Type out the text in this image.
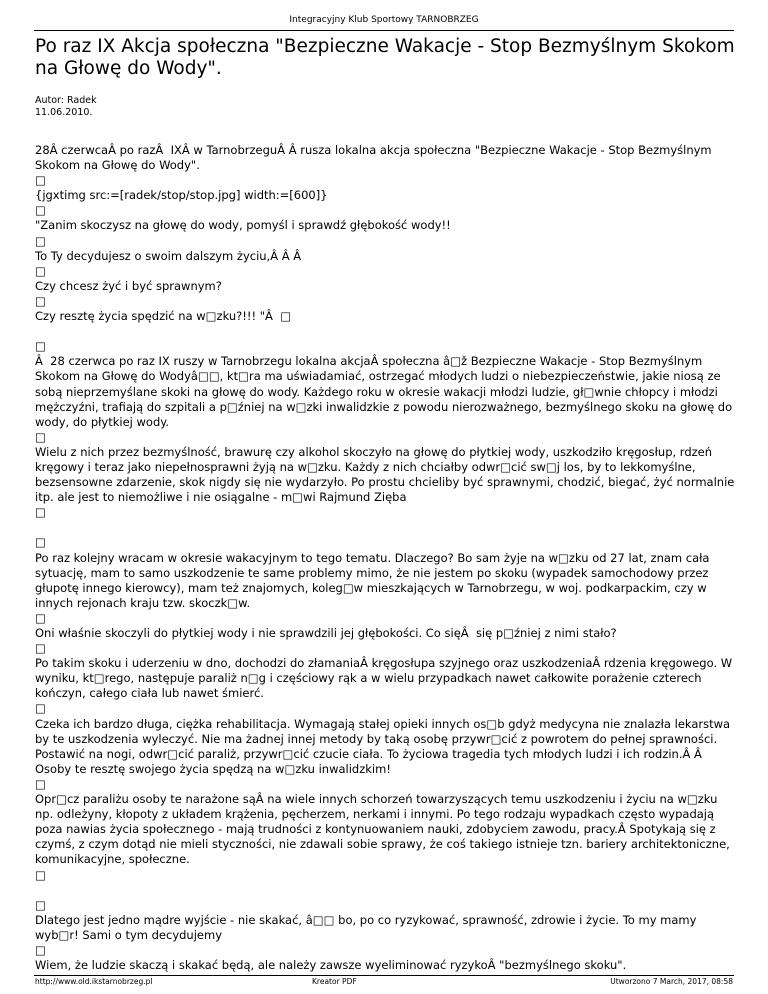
Integracyjny Klub Sportowy TARNOBRZEG
Po raz IX Akcja społeczna "Bezpieczne Wakacje - Stop Bezmyślnym Skokom na Głowę do Wody".
Autor: Radek
11.06.2010.

28Â czerwcaÂ po razÂ  IXÂ w TarnobrzeguÂ Â rusza lokalna akcja społeczna "Bezpieczne Wakacje - Stop Bezmyślnym Skokom na Głowę do Wody".

□

{jgxtimg src:=[radek/stop/stop.jpg] width:=[600]}

□

"Zanim skoczysz na głowę do wody, pomyśl i sprawdź głębokość wody!!

□

To Ty decydujesz o swoim dalszym życiu,Â Â Â

□

Czy chcesz żyć i być sprawnym?

□

Czy resztę życia spędzić na w□zku?!!! "Â  □

□

Â  28 czerwca po raz IX ruszy w Tarnobrzegu lokalna akcjaÂ społeczna â□ž Bezpieczne Wakacje - Stop Bezmyślnym Skokom na Głowę do Wodyâ□□, kt□ra ma uświadamiać, ostrzegać młodych ludzi o niebezpieczeństwie, jakie niosą ze sobą nieprzemyślane skoki na głowę do wody. Każdego roku w okresie wakacji młodzi ludzie, gł□wnie chłopcy i młodzi mężczyźni, trafiają do szpitali a p□źniej na w□zki inwalidzkie z powodu nierozważnego, bezmyślnego skoku na głowę do wody, do płytkiej wody.

□

Wielu z nich przez bezmyślność, brawurę czy alkohol skoczyło na głowę do płytkiej wody, uszkodziło kręgosłup, rdzeń kręgowy i teraz jako niepełnosprawni żyją na w□zku. Każdy z nich chciałby odwr□cić sw□j los, by to lekkomyślne, bezsensowne zdarzenie, skok nigdy się nie wydarzyło. Po prostu chcieliby być sprawnymi, chodzić, biegać, żyć normalnie itp. ale jest to niemożliwe i nie osiągalne - m□wi Rajmund Zięba

□

□

Po raz kolejny wracam w okresie wakacyjnym to tego tematu. Dlaczego? Bo sam żyje na w□zku od 27 lat, znam cała sytuację, mam to samo uszkodzenie te same problemy mimo, że nie jestem po skoku (wypadek samochodowy przez głupotę innego kierowcy), mam też znajomych, koleg□w mieszkających w Tarnobrzegu, w woj. podkarpackim, czy w innych rejonach kraju tzw. skoczk□w.

□

Oni właśnie skoczyli do płytkiej wody i nie sprawdzili jej głębokości. Co sięÂ  się p□źniej z nimi stało?

□

Po takim skoku i uderzeniu w dno, dochodzi do złamaniaÂ kręgosłupa szyjnego oraz uszkodzeniaÂ rdzenia kręgowego. W wyniku, kt□rego, następuje paraliż n□g i częściowy rąk a w wielu przypadkach nawet całkowite porażenie czterech kończyn, całego ciała lub nawet śmierć.

□

Czeka ich bardzo długa, ciężka rehabilitacja. Wymagają stałej opieki innych os□b gdyż medycyna nie znalazła lekarstwa by te uszkodzenia wyleczyć. Nie ma żadnej innej metody by taką osobę przywr□cić z powrotem do pełnej sprawności. Postawić na nogi, odwr□cić paraliż, przywr□cić czucie ciała. To życiowa tragedia tych młodych ludzi i ich rodzin.Â Â Osoby te resztę swojego życia spędzą na w□zku inwalidzkim!

□

Opr□cz paraliżu osoby te narażone sąÂ na wiele innych schorzeń towarzyszących temu uszkodzeniu i życiu na w□zku np. odleżyny, kłopoty z układem krążenia, pęcherzem, nerkami i innymi. Po tego rodzaju wypadkach często wypadają poza nawias życia społecznego - mają trudności z kontynuowaniem nauki, zdobyciem zawodu, pracy.Â Spotykają się z czymś, z czym dotąd nie mieli styczności, nie zdawali sobie sprawy, że coś takiego istnieje tzn. bariery architektoniczne, komunikacyjne, społeczne.

□

□

Dlatego jest jedno mądre wyjście - nie skakać, â□□ bo, po co ryzykować, sprawność, zdrowie i życie. To my mamy wyb□r! Sami o tym decydujemy

□

Wiem, że ludzie skaczą i skakać będą, ale należy zawsze wyeliminować ryzykoÂ "bezmyślnego skoku".

http://www.old.ikstarnobrzeg.pl	Kreator PDF	Utworzono 7 March, 2017, 08:58
